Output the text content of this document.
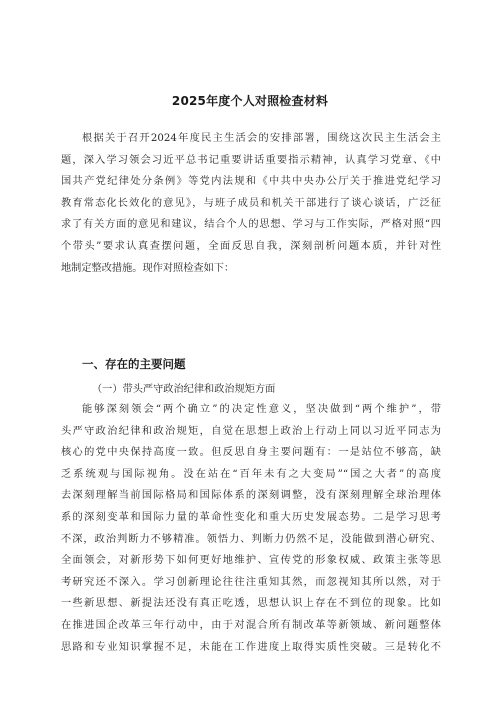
2025年度个人对照检查材料
根据关于召开2024年度民主生活会的安排部署，围绕这次民主生活会主
题，深入学习领会习近平总书记重要讲话重要指示精神，认真学习党章、《中
国共产党纪律处分条例》等党内法规和《中共中央办公厅关于推进党纪学习
教育常态化长效化的意见》，与班子成员和机关干部进行了谈心谈话，广泛征
求了有关方面的意见和建议，结合个人的思想、学习与工作实际，严格对照“四
个带头”要求认真查摆问题，全面反思自我，深刻剖析问题本质，并针对性
地制定整改措施。现作对照检查如下：
一、存在的主要问题
（一）带头严守政治纪律和政治规矩方面
能够深刻领会“两个确立”的决定性意义，坚决做到“两个维护”，带
头严守政治纪律和政治规矩，自觉在思想上政治上行动上同以习近平同志为
核心的党中央保持高度一致。但反思自身主要问题有：一是站位不够高，缺
乏系统观与国际视角。没在站在“百年未有之大变局”“国之大者”的高度
去深刻理解当前国际格局和国际体系的深刻调整，没有深刻理解全球治理体
系的深刻变革和国际力量的革命性变化和重大历史发展态势。二是学习思考
不深，政治判断力不够精准。领悟力、判断力仍然不足，没能做到潜心研究、
全面领会，对新形势下如何更好地维护、宣传党的形象权威、政策主张等思
考研究还不深入。学习创新理论往往注重知其然，而忽视知其所以然，对于
一些新思想、新提法还没有真正吃透，思想认识上存在不到位的现象。比如
在推进国企改革三年行动中，由于对混合所有制改革等新领域、新问题整体
思路和专业知识掌握不足，未能在工作进度上取得实质性突破。三是转化不
